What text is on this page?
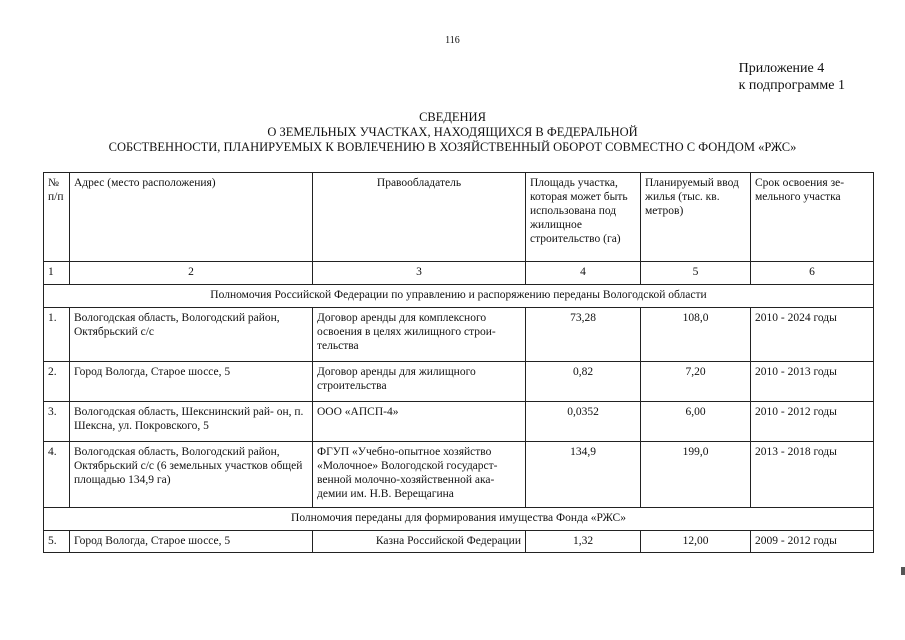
116
Приложение 4
к подпрограмме 1
СВЕДЕНИЯ
О ЗЕМЕЛЬНЫХ УЧАСТКАХ, НАХОДЯЩИХСЯ В ФЕДЕРАЛЬНОЙ
СОБСТВЕННОСТИ, ПЛАНИРУЕМЫХ К ВОВЛЕЧЕНИЮ В ХОЗЯЙСТВЕННЫЙ ОБОРОТ СОВМЕСТНО С ФОНДОМ «РЖС»
№ п/п	Адрес (место расположения)	Правообладатель	Площадь участка, которая может быть использована под жилищное строительство (га)	Планируемый ввод жилья (тыс. кв. метров)	Срок освоения зе- мельного участка
1	2	3	4	5	6
Полномочия Российской Федерации по управлению и распоряжению переданы Вологодской области					
1.	Вологодская область, Вологодский район, Октябрьский с/с	Договор аренды для комплексного освоения в целях жилищного строи- тельства	73,28	108,0	2010 - 2024 годы
2.	Город Вологда, Старое шоссе, 5	Договор аренды для жилищного строительства	0,82	7,20	2010 - 2013 годы
3.	Вологодская область, Шекснинский рай- он, п. Шексна, ул. Покровского, 5	ООО «АПСП-4»	0,0352	6,00	2010 - 2012 годы
4.	Вологодская область, Вологодский район, Октябрьский с/с (6 земельных участков общей площадью 134,9 га)	ФГУП «Учебно-опытное хозяйство «Молочное» Вологодской государст- венной молочно-хозяйственной ака- демии им. Н.В. Верещагина	134,9	199,0	2013 - 2018 годы
Полномочия переданы для формирования имущества Фонда «РЖС»					
5.	Город Вологда, Старое шоссе, 5	Казна Российской Федерации	1,32	12,00	2009 - 2012 годы
